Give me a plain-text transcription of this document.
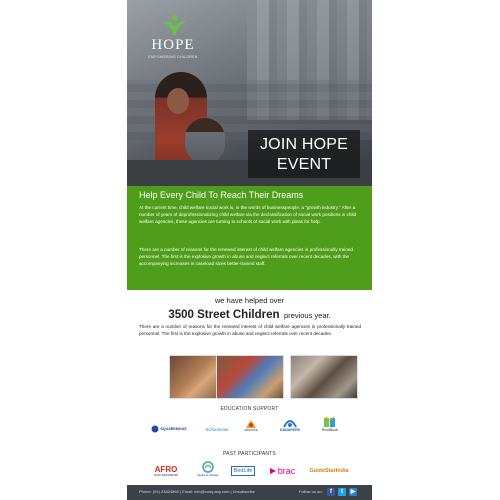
HOPE
EMPOWERING CHILDREN
JOIN HOPE
EVENT
Help Every Child To Reach Their Dreams

At the current time, child welfare social work is, in the words of businesspeople, a "growth industry." After a number of years of deprofessionalizing child welfare via the declassification of social work positions in child welfare agencies, these agencies are turning to schools of social work with pleas for help.

There are a number of reasons for the renewed interest of child welfare agencies in professionally trained personnel. The first is the explosive growth in abuse and neglect referrals over recent decades, with the accompanying increases in caseload sizes better-trained staff.

we have helped over
3500 Street Children previous year.

There are a number of reasons for the renewed interest of child welfare agencies in professionally trained personnel. The first is the explosive growth in abuse and neglect referrals over recent decades.

EDUCATION SUPPORT
SQUAREMOUS	Schoolmate	MINISTRIE	DANAPERS	RevitBook
PAST PARTICIPANTS
AFRO
AFRO BAROMETER	Space & Change
BirdLife	brac	GuideStarIndia
Phone: (91) 23824560 | Email: info@company.com | Unsubscribe	Follow us on:	f	t	▶
